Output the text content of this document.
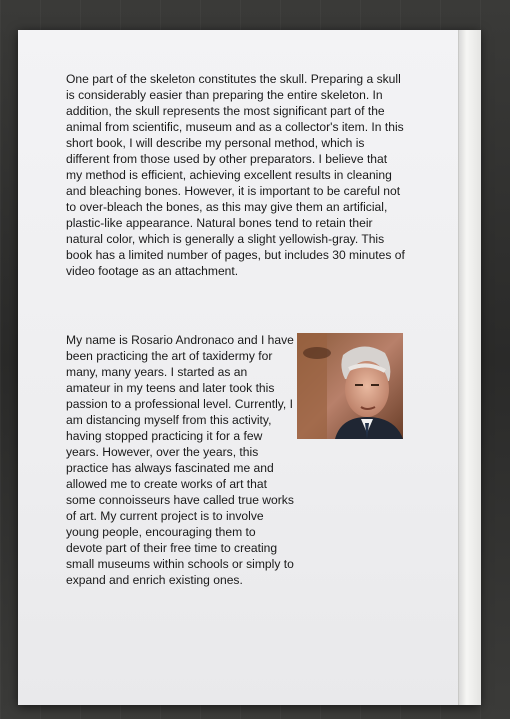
One part of the skeleton constitutes the skull. Preparing a skull is considerably easier than preparing the entire skeleton. In addition, the skull represents the most significant part of the animal from scientific, museum and as a collector's item. In this short book, I will describe my personal method, which is different from those used by other preparators. I believe that my method is efficient, achieving excellent results in cleaning and bleaching bones. However, it is important to be careful not to over-bleach the bones, as this may give them an artificial, plastic-like appearance. Natural bones tend to retain their natural color, which is generally a slight yellowish-gray. This book has a limited number of pages, but includes 30 minutes of video footage as an attachment.

My name is Rosario Andronaco and I have been practicing the art of taxidermy for many, many years. I started as an amateur in my teens and later took this passion to a professional level. Currently, I am distancing myself from this activity, having stopped practicing it for a few years. However, over the years, this practice has always fascinated me and allowed me to create works of art that some connoisseurs have called true works of art. My current project is to involve young people, encouraging them to devote part of their free time to creating small museums within schools or simply to expand and enrich existing ones.
